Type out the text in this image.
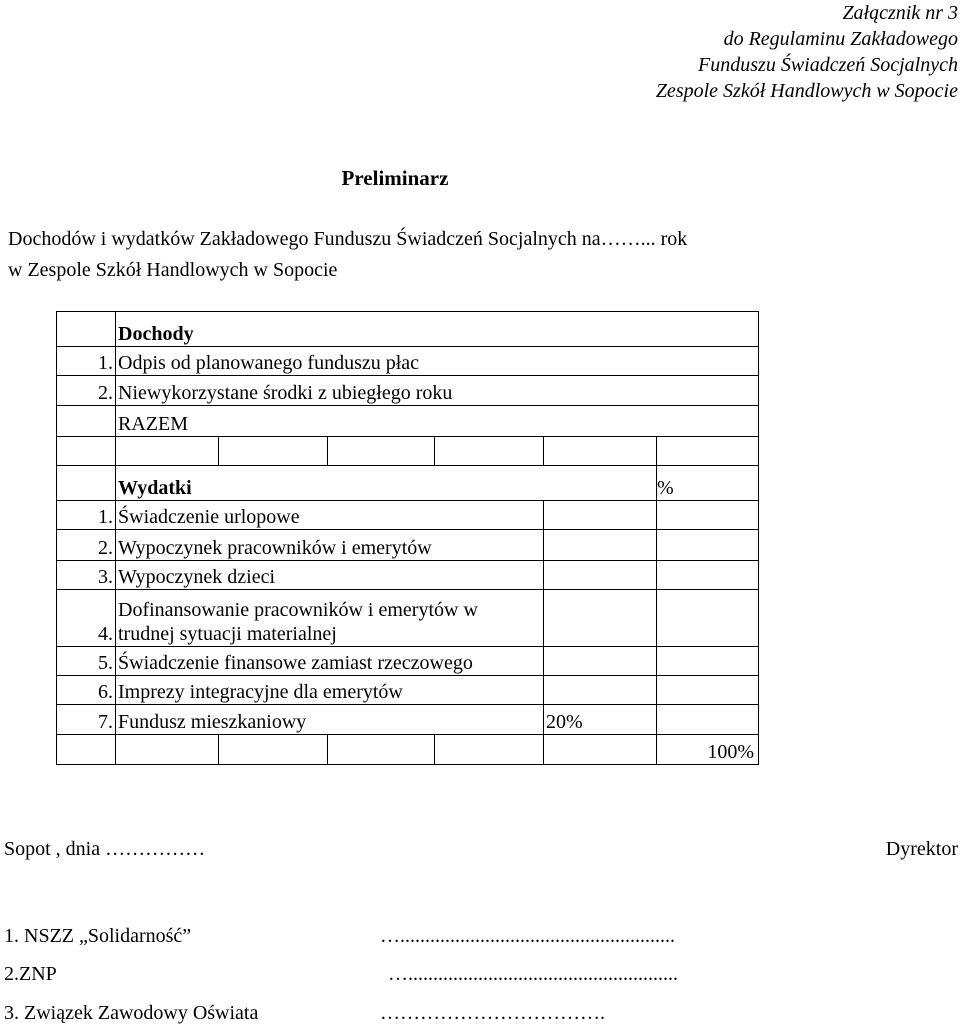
Załącznik nr 3
do Regulaminu Zakładowego
Funduszu Świadczeń Socjalnych
Zespole Szkół Handlowych w Sopocie
Preliminarz
Dochodów i wydatków Zakładowego Funduszu Świadczeń Socjalnych na……... rok
w Zespole Szkół Handlowych w Sopocie
	Dochody					
1.	Odpis od planowanego funduszu płac					
2.	Niewykorzystane środki z ubiegłego roku					
	RAZEM					

	Wydatki					%
1.	Świadczenie urlopowe					
2.	Wypoczynek pracowników i emerytów					
3.	Wypoczynek dzieci					
4.	Dofinansowanie pracowników i emerytów w
trudnej sytuacji materialnej					

5.	Świadczenie finansowe zamiast rzeczowego					
6.	Imprezy integracyjne dla emerytów					
7.	Fundusz mieszkaniowy				20%	
						100%
Sopot , dnia ……………	Dyrektor
1. NSZZ „Solidarność”	….......................................................
2.ZNP	…......................................................
3. Związek Zawodowy Oświata	…………………………….
